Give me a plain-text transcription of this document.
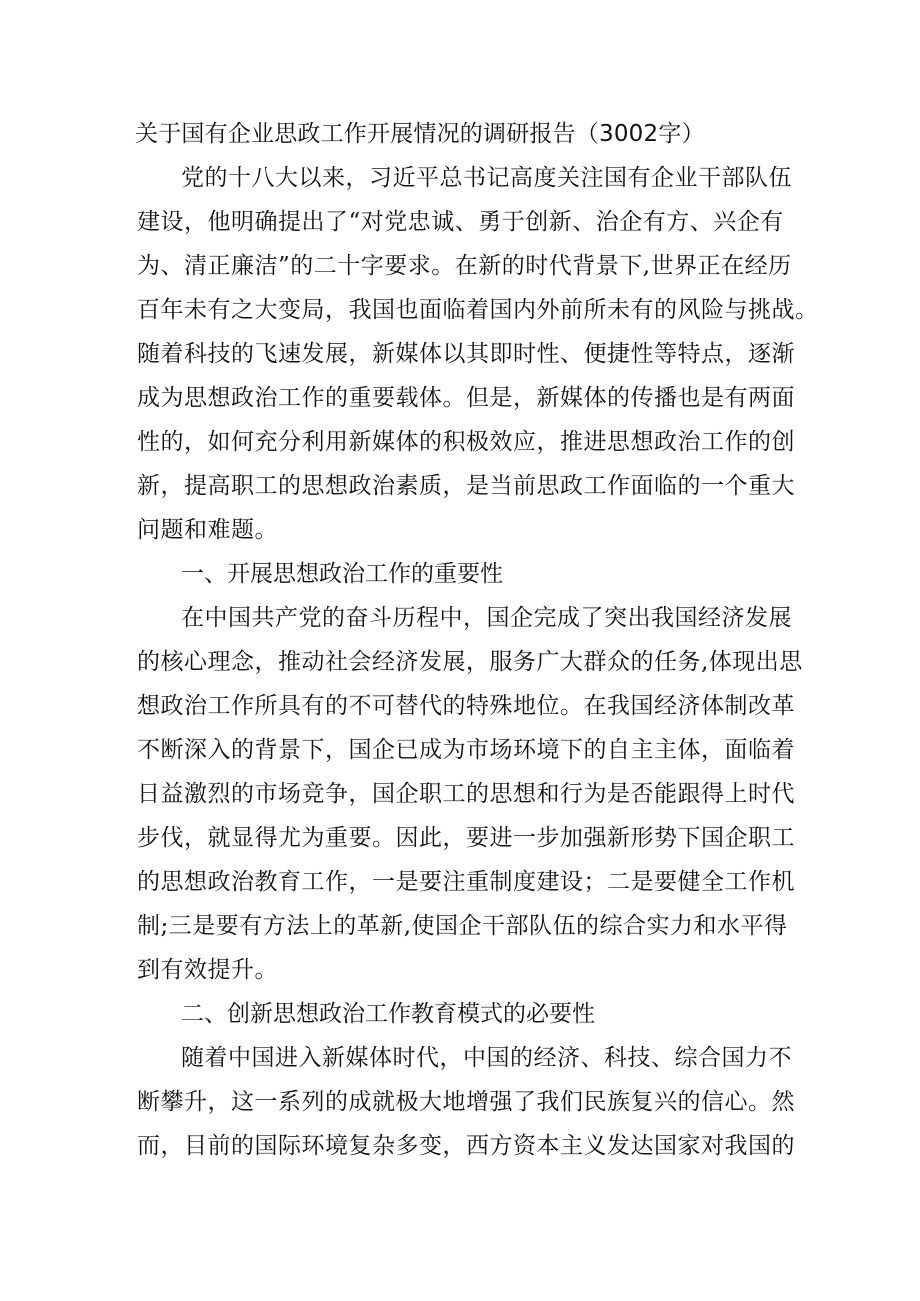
关于国有企业思政工作开展情况的调研报告（3002字）
党的十八大以来，习近平总书记高度关注国有企业干部队伍
建设，他明确提出了“对党忠诚、勇于创新、治企有方、兴企有
为、清正廉洁”的二十字要求。在新的时代背景下,世界正在经历
百年未有之大变局，我国也面临着国内外前所未有的风险与挑战。
随着科技的飞速发展，新媒体以其即时性、便捷性等特点，逐渐
成为思想政治工作的重要载体。但是，新媒体的传播也是有两面
性的，如何充分利用新媒体的积极效应，推进思想政治工作的创
新，提高职工的思想政治素质，是当前思政工作面临的一个重大
问题和难题。
一、开展思想政治工作的重要性
在中国共产党的奋斗历程中，国企完成了突出我国经济发展
的核心理念，推动社会经济发展，服务广大群众的任务,体现出思
想政治工作所具有的不可替代的特殊地位。在我国经济体制改革
不断深入的背景下，国企已成为市场环境下的自主主体，面临着
日益激烈的市场竞争，国企职工的思想和行为是否能跟得上时代
步伐，就显得尤为重要。因此，要进一步加强新形势下国企职工
的思想政治教育工作，一是要注重制度建设；二是要健全工作机
制;三是要有方法上的革新,使国企干部队伍的综合实力和水平得
到有效提升。
二、创新思想政治工作教育模式的必要性
随着中国进入新媒体时代，中国的经济、科技、综合国力不
断攀升，这一系列的成就极大地增强了我们民族复兴的信心。然
而，目前的国际环境复杂多变，西方资本主义发达国家对我国的
